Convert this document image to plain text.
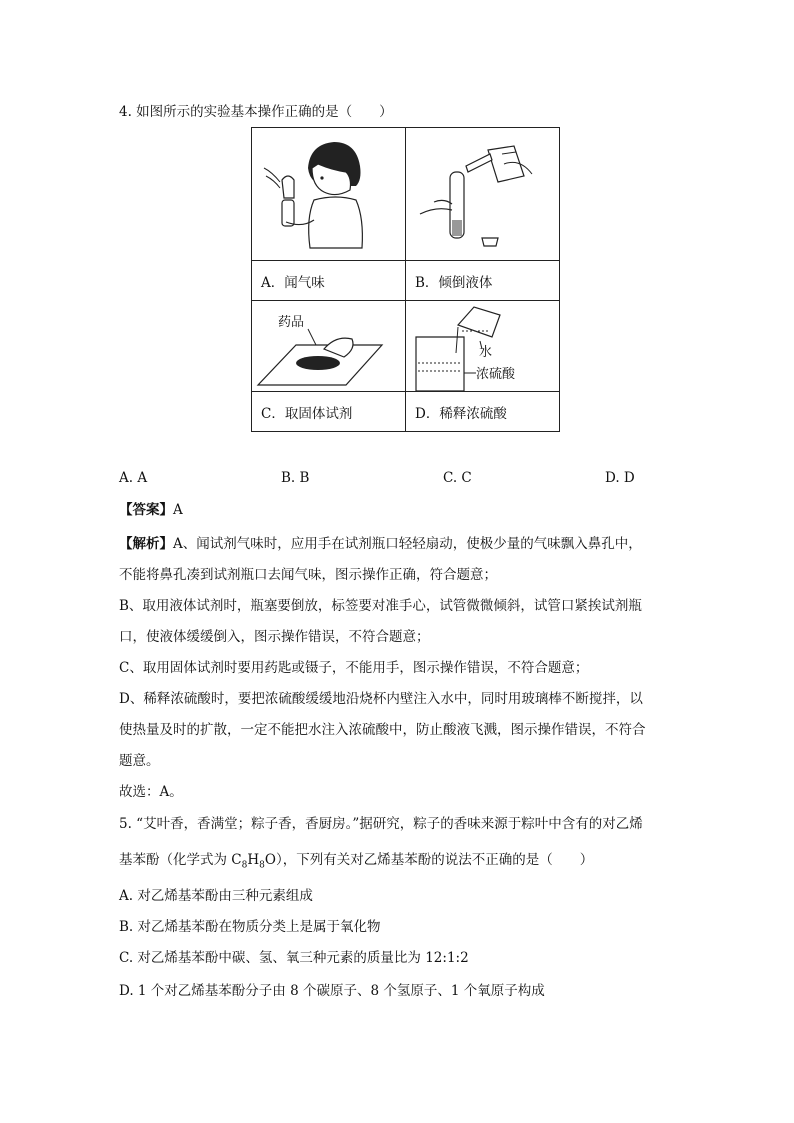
4. 如图所示的实验基本操作正确的是（　　）

A．闻气味	B．倾倒液体

药品	水
浓硫酸

C．取固体试剂	D．稀释浓硫酸
A. A	B. B	C. C	D. D
【答案】A
【解析】A、闻试剂气味时，应用手在试剂瓶口轻轻扇动，使极少量的气味飘入鼻孔中，
不能将鼻孔凑到试剂瓶口去闻气味，图示操作正确，符合题意；
B、取用液体试剂时，瓶塞要倒放，标签要对准手心，试管微微倾斜，试管口紧挨试剂瓶
口，使液体缓缓倒入，图示操作错误，不符合题意；
C、取用固体试剂时要用药匙或镊子，不能用手，图示操作错误，不符合题意；
D、稀释浓硫酸时，要把浓硫酸缓缓地沿烧杯内壁注入水中，同时用玻璃棒不断搅拌，以
使热量及时的扩散，一定不能把水注入浓硫酸中，防止酸液飞溅，图示操作错误，不符合
题意。
故选：A。
5. “艾叶香，香满堂；粽子香，香厨房。”据研究，粽子的香味来源于粽叶中含有的对乙烯
基苯酚（化学式为 $C_8H_8O$），下列有关对乙烯基苯酚的说法不正确的是（　　）
A. 对乙烯基苯酚由三种元素组成
B. 对乙烯基苯酚在物质分类上是属于氧化物
C. 对乙烯基苯酚中碳、氢、氧三种元素的质量比为 12:1:2
D. 1 个对乙烯基苯酚分子由 8 个碳原子、8 个氢原子、1 个氧原子构成
